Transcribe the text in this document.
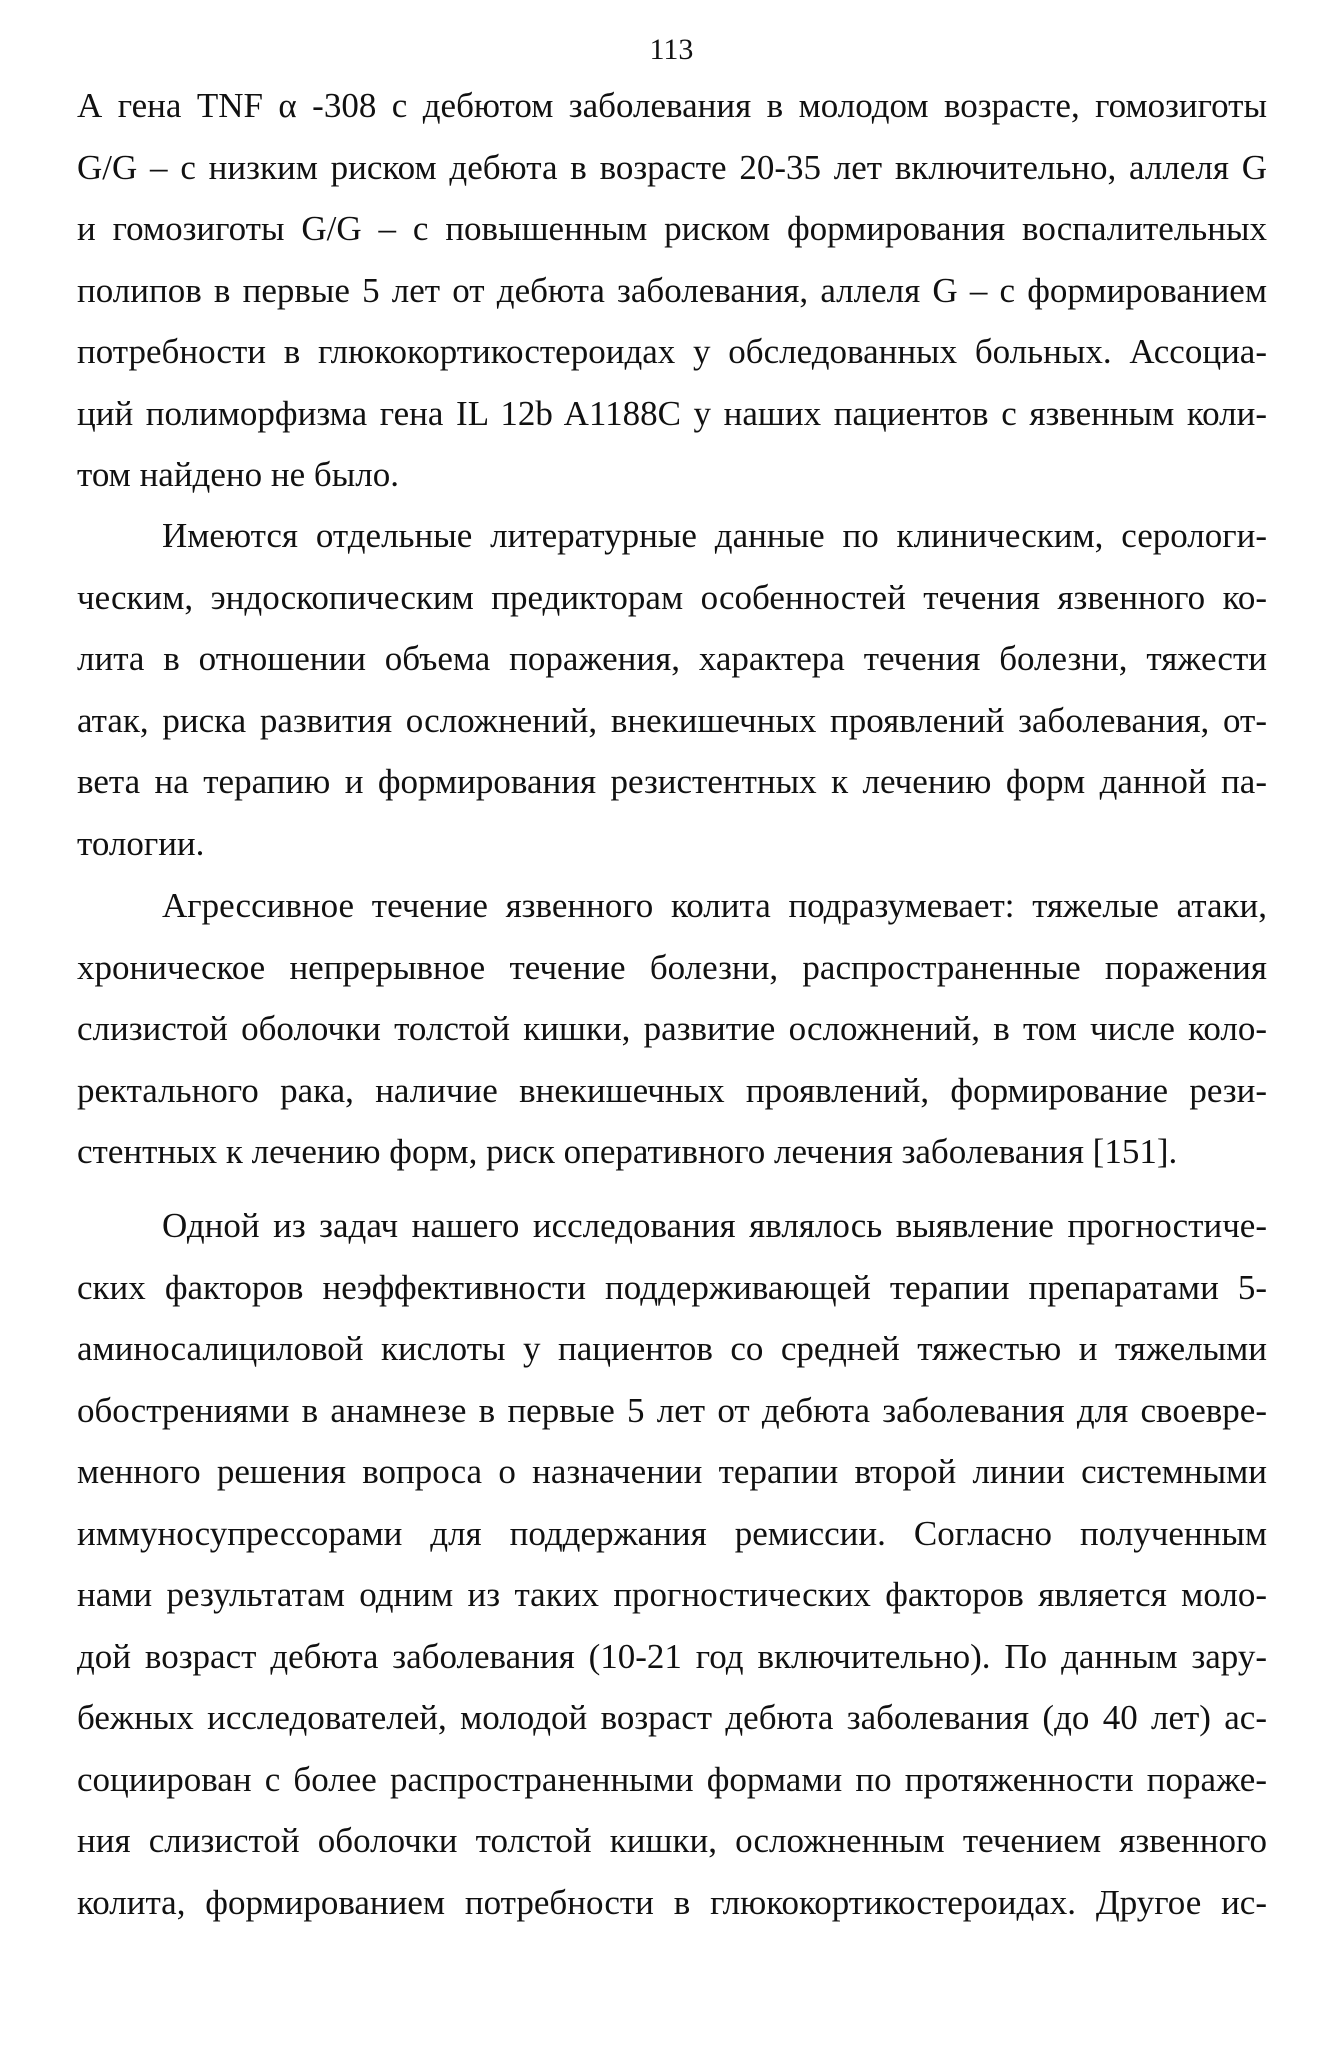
113
А гена TNF α -308 с дебютом заболевания в молодом возрасте, гомозиготы
G/G – с низким риском дебюта в возрасте 20-35 лет включительно, аллеля G
и гомозиготы G/G – с повышенным риском формирования воспалительных
полипов в первые 5 лет от дебюта заболевания, аллеля G – с формированием
потребности в глюкокортикостероидах у обследованных больных. Ассоциа-
ций полиморфизма гена IL 12b A1188C у наших пациентов с язвенным коли-
том найдено не было.
Имеются отдельные литературные данные по клиническим, серологи-
ческим, эндоскопическим предикторам особенностей течения язвенного ко-
лита в отношении объема поражения, характера течения болезни, тяжести
атак, риска развития осложнений, внекишечных проявлений заболевания, от-
вета на терапию и формирования резистентных к лечению форм данной па-
тологии.
Агрессивное течение язвенного колита подразумевает: тяжелые атаки,
хроническое непрерывное течение болезни, распространенные поражения
слизистой оболочки толстой кишки, развитие осложнений, в том числе коло-
ректального рака, наличие внекишечных проявлений, формирование рези-
стентных к лечению форм, риск оперативного лечения заболевания [151].
Одной из задач нашего исследования являлось выявление прогностиче-
ских факторов неэффективности поддерживающей терапии препаратами 5-
аминосалициловой кислоты у пациентов со средней тяжестью и тяжелыми
обострениями в анамнезе в первые 5 лет от дебюта заболевания для своевре-
менного решения вопроса о назначении терапии второй линии системными
иммуносупрессорами для поддержания ремиссии. Согласно полученным
нами результатам одним из таких прогностических факторов является моло-
дой возраст дебюта заболевания (10-21 год включительно). По данным зару-
бежных исследователей, молодой возраст дебюта заболевания (до 40 лет) ас-
социирован с более распространенными формами по протяженности пораже-
ния слизистой оболочки толстой кишки, осложненным течением язвенного
колита, формированием потребности в глюкокортикостероидах. Другое ис-
